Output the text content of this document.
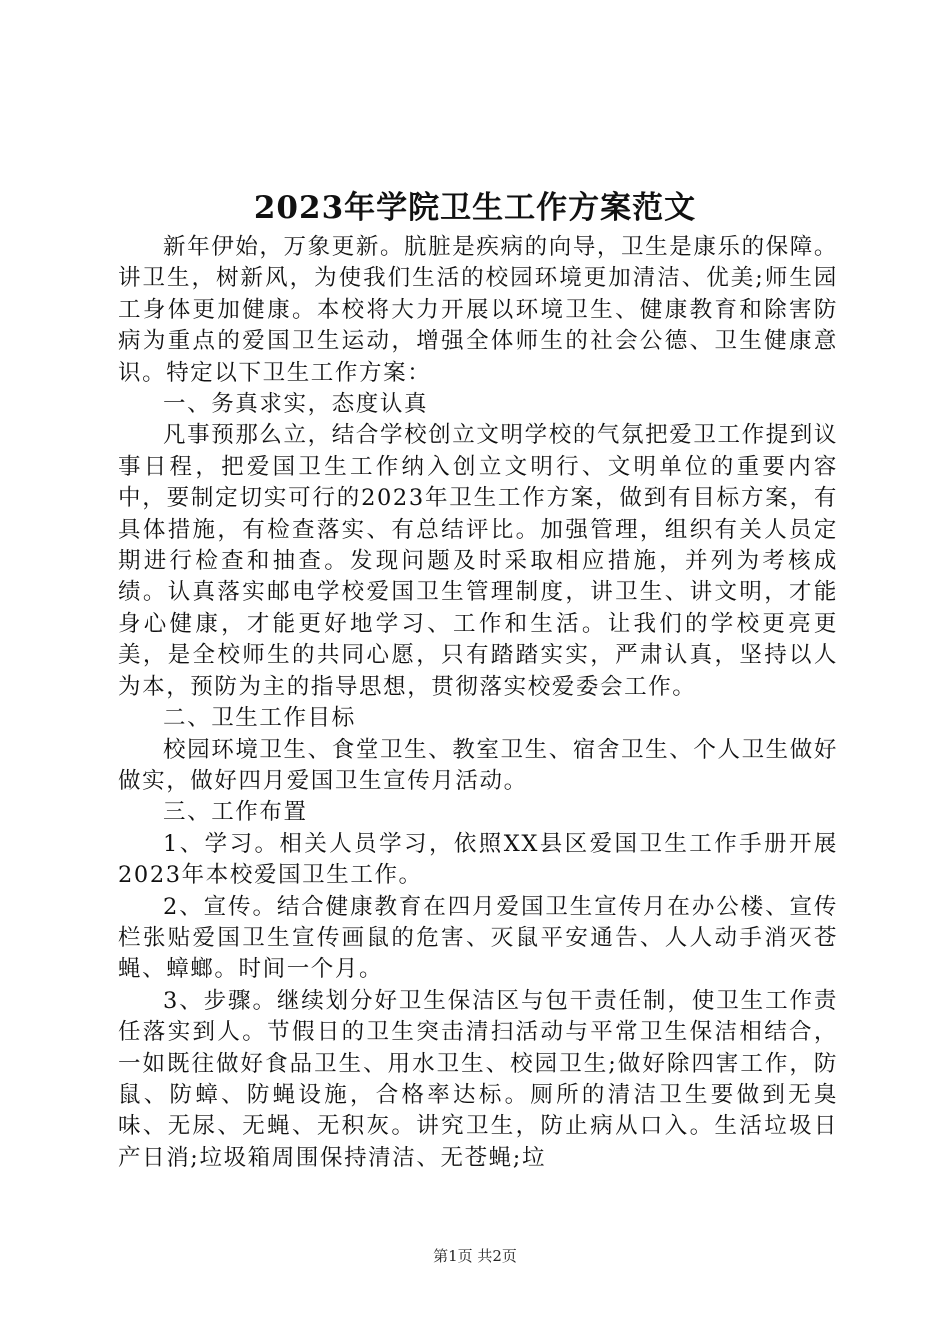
2023年学院卫生工作方案范文

新年伊始，万象更新。肮脏是疾病的向导，卫生是康乐的保障。讲卫生，树新风，为使我们生活的校园环境更加清洁、优美;师生园工身体更加健康。本校将大力开展以环境卫生、健康教育和除害防病为重点的爱国卫生运动，增强全体师生的社会公德、卫生健康意识。特定以下卫生工作方案：

一、务真求实，态度认真

凡事预那么立，结合学校创立文明学校的气氛把爱卫工作提到议事日程，把爱国卫生工作纳入创立文明行、文明单位的重要内容中，要制定切实可行的2023年卫生工作方案，做到有目标方案，有具体措施，有检查落实、有总结评比。加强管理，组织有关人员定期进行检查和抽查。发现问题及时采取相应措施，并列为考核成绩。认真落实邮电学校爱国卫生管理制度，讲卫生、讲文明，才能身心健康，才能更好地学习、工作和生活。让我们的学校更亮更美，是全校师生的共同心愿，只有踏踏实实，严肃认真，坚持以人为本，预防为主的指导思想，贯彻落实校爱委会工作。

二、卫生工作目标

校园环境卫生、食堂卫生、教室卫生、宿舍卫生、个人卫生做好做实，做好四月爱国卫生宣传月活动。

三、工作布置

1、学习。相关人员学习，依照XX县区爱国卫生工作手册开展2023年本校爱国卫生工作。

2、宣传。结合健康教育在四月爱国卫生宣传月在办公楼、宣传栏张贴爱国卫生宣传画鼠的危害、灭鼠平安通告、人人动手消灭苍蝇、蟑螂。时间一个月。

3、步骤。继续划分好卫生保洁区与包干责任制，使卫生工作责任落实到人。节假日的卫生突击清扫活动与平常卫生保洁相结合，一如既往做好食品卫生、用水卫生、校园卫生;做好除四害工作，防鼠、防蟑、防蝇设施，合格率达标。厕所的清洁卫生要做到无臭味、无尿、无蝇、无积灰。讲究卫生，防止病从口入。生活垃圾日产日消;垃圾箱周围保持清洁、无苍蝇;垃

第1页 共2页
